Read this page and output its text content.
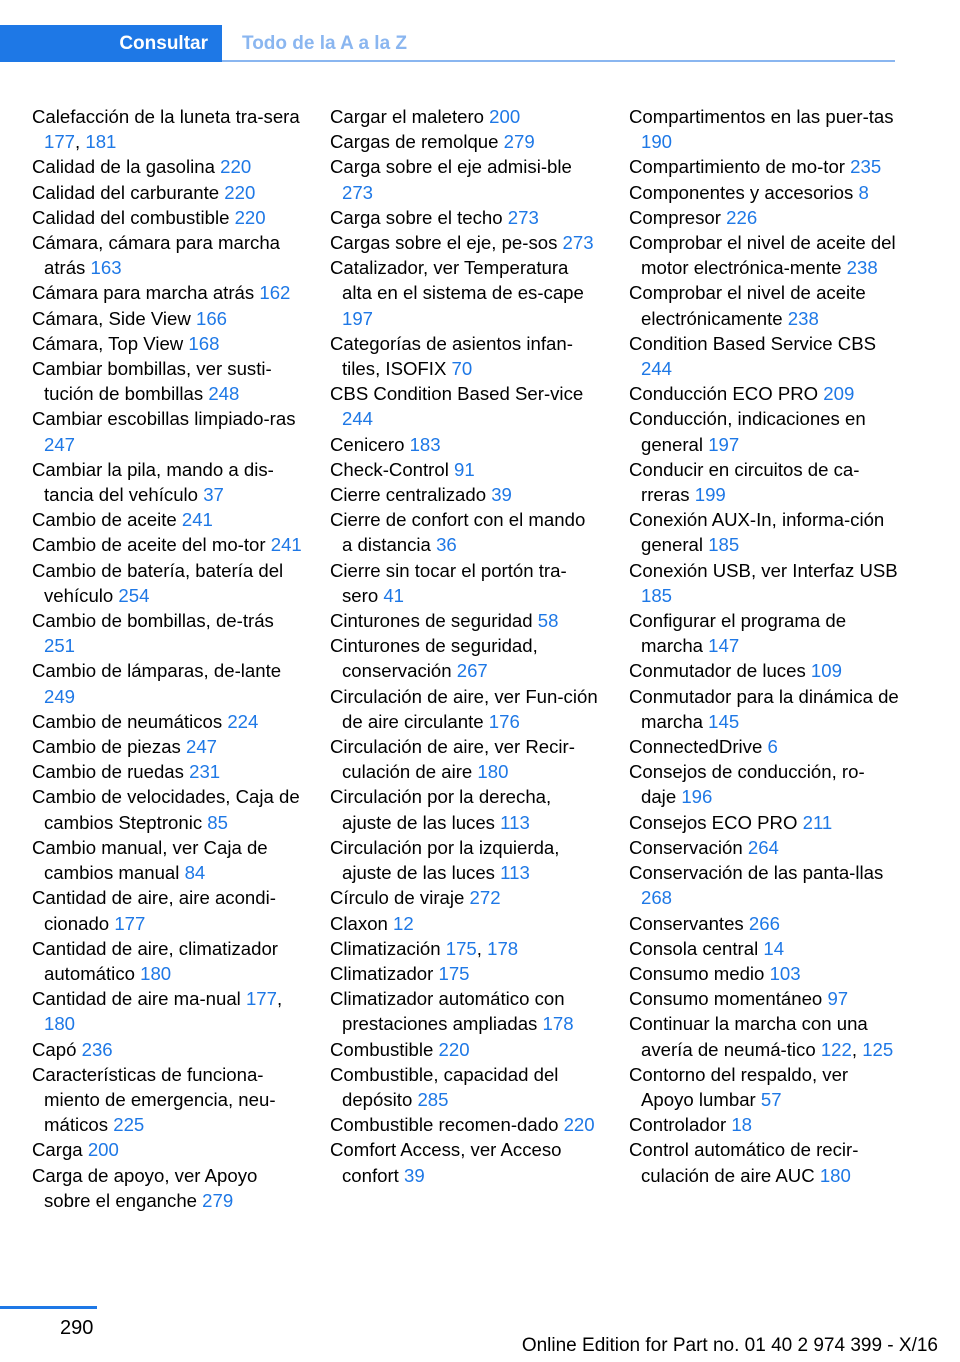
Consultar	Todo de la A a la Z
Calefacción de la luneta tra‐sera 177, 181
Calidad de la gasolina 220
Calidad del carburante 220
Calidad del combustible 220
Cámara, cámara para marcha atrás 163
Cámara para marcha atrás 162
Cámara, Side View 166
Cámara, Top View 168
Cambiar bombillas, ver susti‐tución de bombillas 248
Cambiar escobillas limpiado‐ras 247
Cambiar la pila, mando a dis‐tancia del vehículo 37
Cambio de aceite 241
Cambio de aceite del mo‐tor 241
Cambio de batería, batería del vehículo 254
Cambio de bombillas, de‐trás 251
Cambio de lámparas, de‐lante 249
Cambio de neumáticos 224
Cambio de piezas 247
Cambio de ruedas 231
Cambio de velocidades, Caja de cambios Steptronic 85
Cambio manual, ver Caja de cambios manual 84
Cantidad de aire, aire acondi‐cionado 177
Cantidad de aire, climatizador automático 180
Cantidad de aire ma‐nual 177, 180
Capó 236
Características de funciona‐miento de emergencia, neu‐máticos 225
Carga 200
Carga de apoyo, ver Apoyo sobre el enganche 279
Cargar el maletero 200
Cargas de remolque 279
Carga sobre el eje admisi‐ble 273
Carga sobre el techo 273
Cargas sobre el eje, pe‐sos 273
Catalizador, ver Temperatura alta en el sistema de es‐cape 197
Categorías de asientos infan‐tiles, ISOFIX 70
CBS Condition Based Ser‐vice 244
Cenicero 183
Check-Control 91
Cierre centralizado 39
Cierre de confort con el mando a distancia 36
Cierre sin tocar el portón tra‐sero 41
Cinturones de seguridad 58
Cinturones de seguridad, conservación 267
Circulación de aire, ver Fun‐ción de aire circulante 176
Circulación de aire, ver Recir‐culación de aire 180
Circulación por la derecha, ajuste de las luces 113
Circulación por la izquierda, ajuste de las luces 113
Círculo de viraje 272
Claxon 12
Climatización 175, 178
Climatizador 175
Climatizador automático con prestaciones ampliadas 178
Combustible 220
Combustible, capacidad del depósito 285
Combustible recomen‐dado 220
Comfort Access, ver Acceso confort 39
Compartimentos en las puer‐tas 190
Compartimiento de mo‐tor 235
Componentes y accesorios 8
Compresor 226
Comprobar el nivel de aceite del motor electrónica‐mente 238
Comprobar el nivel de aceite electrónicamente 238
Condition Based Service CBS 244
Conducción ECO PRO 209
Conducción, indicaciones en general 197
Conducir en circuitos de ca‐rreras 199
Conexión AUX-In, informa‐ción general 185
Conexión USB, ver Interfaz USB 185
Configurar el programa de marcha 147
Conmutador de luces 109
Conmutador para la dinámica de marcha 145
ConnectedDrive 6
Consejos de conducción, ro‐daje 196
Consejos ECO PRO 211
Conservación 264
Conservación de las panta‐llas 268
Conservantes 266
Consola central 14
Consumo medio 103
Consumo momentáneo 97
Continuar la marcha con una avería de neumá‐tico 122, 125
Contorno del respaldo, ver Apoyo lumbar 57
Controlador 18
Control automático de recir‐culación de aire AUC 180
290
Online Edition for Part no. 01 40 2 974 399 - X/16
